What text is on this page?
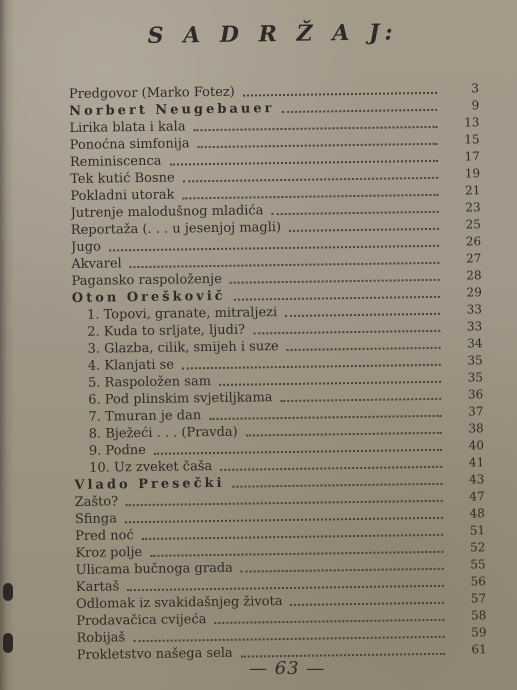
S A D R Ž A J:
Predgovor (Marko Fotez)	3
Norbert Neugebauer	9
Lirika blata i kala	13
Ponoćna simfonija	15
Reminiscenca	17
Tek kutić Bosne	19
Pokladni utorak	21
Jutrenje malodušnog mladića	23
Reportaža (. . . u jesenjoj magli)	25
Jugo	26
Akvarel	27
Pagansko raspoloženje	28
Oton Oreškovič	29
1. Topovi, granate, mitraljezi	33
2. Kuda to srljate, ljudi?	33
3. Glazba, cilik, smijeh i suze	34
4. Klanjati se	35
5. Raspoložen sam	35
6. Pod plinskim svjetiljkama	36
7. Tmuran je dan	37
8. Bježeći . . . (Pravda)	38
9. Podne	40
10. Uz zveket čaša	41
Vlado Presečki	43
Zašto?	47
Sfinga	48
Pred noć	51
Kroz polje	52
Ulicama bučnoga grada	55
Kartaš	56
Odlomak iz svakidašnjeg života	57
Prodavačica cvijeća	58
Robijaš	59
Prokletstvo našega sela	61
— 63 —
